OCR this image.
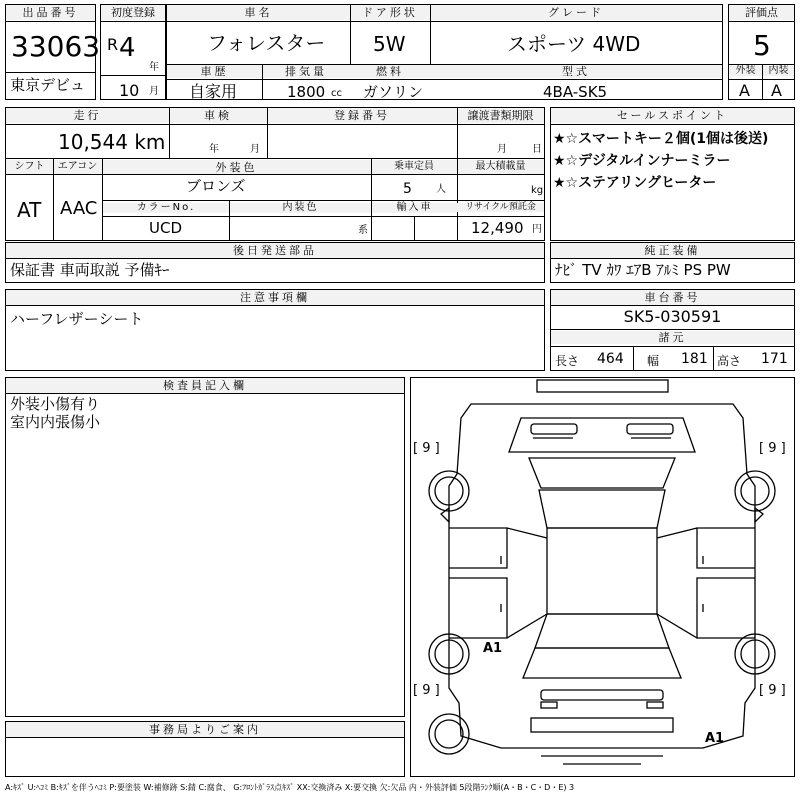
出品番号
33063
東京デビュ
初度登録
R 4
年
10 月
車名	ドア形状	グレード
フォレスター 5W	スポーツ 4WD
車歴	排気量	燃料	型式
自家用	1800 cc ガソリン	4BA-SK5
評価点
5
外装	内装
A A
走行	車検	登録番号	譲渡書類期限
10,544 km	年	月	月	日
シフト	エアコン	外装色	乗車定員	最大積載量
AT AAC
ブロンズ	5 人	kg
カラーNo.	内装色	輸入車	リサイクル預託金
UCD	系	12,490 円
セールスポイント
★☆スマートキー２個(1個は後送)
★☆デジタルインナーミラー
★☆ステアリングヒーター
後日発送部品
保証書 車両取説 予備ｷｰ
純正装備
ﾅﾋﾞ TV ｶﾜ ｴｱB ｱﾙﾐ PS PW
注意事項欄
ハーフレザーシート
車台番号
SK5-030591
諸元
長さ 464 幅 181 高さ 171
検査員記入欄
外装小傷有り
室内内張傷小
事務局よりご案内
[ 9 ]	[ 9 ]
[ 9 ]	[ 9 ]
A1
A1
A:ｷｽﾞ U:ﾍｺﾐ B:ｷｽﾞを伴うﾍｺﾐ P:要塗装 W:補修跡 S:錆 C:腐食、 G:ﾌﾛﾝﾄｶﾞﾗｽ点ｷｽﾞ XX:交換済み X:要交換 欠:欠品 内・外装評価 5段階ﾗﾝｸ順(A・B・C・D・E) 3
